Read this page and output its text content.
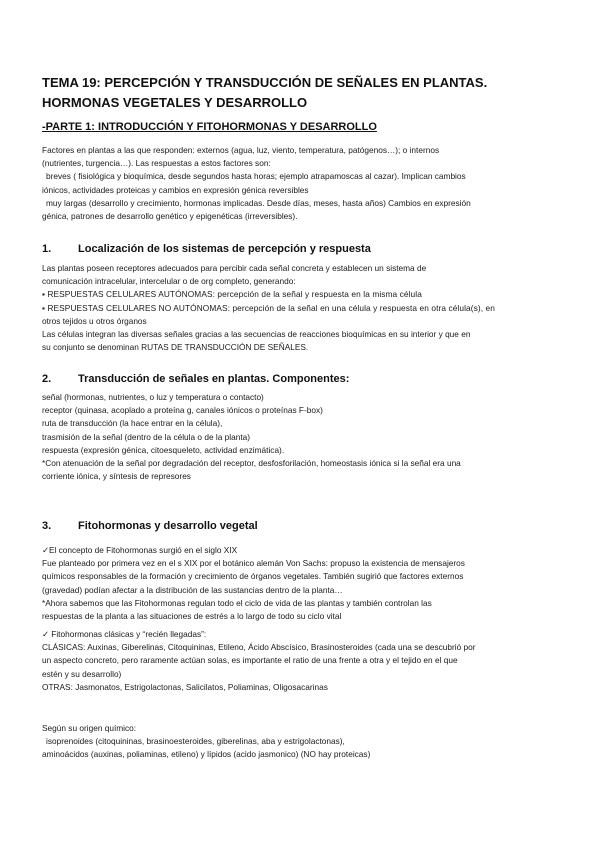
TEMA 19: PERCEPCIÓN Y TRANSDUCCIÓN DE SEÑALES EN PLANTAS. HORMONAS VEGETALES Y DESARROLLO
-PARTE 1: INTRODUCCIÓN Y FITOHORMONAS Y DESARROLLO

Factores en plantas a las que responden: externos (agua, luz, viento, temperatura, patógenos…); o internos

(nutrientes, turgencia…). Las respuestas a estos factores son:

breves ( fisiológica y bioquímica, desde segundos hasta horas; ejemplo atrapamoscas al cazar). Implican cambios

iónicos, actividades proteicas y cambios en expresión génica reversibles

muy largas (desarrollo y crecimiento, hormonas implicadas. Desde días, meses, hasta años) Cambios en expresión

génica, patrones de desarrollo genético y epigenéticas (irreversibles).

1. Localización de los sistemas de percepción y respuesta

Las plantas poseen receptores adecuados para percibir cada señal concreta y establecen un sistema de

comunicación intracelular, intercelular o de org completo, generando:

▪ RESPUESTAS CELULARES AUTÓNOMAS: percepción de la señal y respuesta en la misma célula

▪ RESPUESTAS CELULARES NO AUTÓNOMAS: percepción de la señal en una célula y respuesta en otra célula(s), en

otros tejidos u otros órganos

Las células integran las diversas señales gracias a las secuencias de reacciones bioquímicas en su interior y que en

su conjunto se denominan RUTAS DE TRANSDUCCIÓN DE SEÑALES.

2. Transducción de señales en plantas. Componentes:

señal (hormonas, nutrientes, o luz y temperatura o contacto)

receptor (quinasa, acoplado a proteína g, canales iónicos o proteínas F-box)

ruta de transducción (la hace entrar en la célula),

trasmisión de la señal (dentro de la célula o de la planta)

respuesta (expresión génica, citoesqueleto, actividad enzimática).

*Con atenuación de la señal por degradación del receptor, desfosforilación, homeostasis iónica si la señal era una

corriente iónica, y síntesis de represores

3. Fitohormonas y desarrollo vegetal

✓El concepto de Fitohormonas surgió en el siglo XIX

Fue planteado por primera vez en el s XIX por el botánico alemán Von Sachs: propuso la existencia de mensajeros

químicos responsables de la formación y crecimiento de órganos vegetales. También sugirió que factores externos

(gravedad) podían afectar a la distribución de las sustancias dentro de la planta…

*Ahora sabemos que las Fitohormonas regulan todo el ciclo de vida de las plantas y también controlan las

respuestas de la planta a las situaciones de estrés a lo largo de todo su ciclo vital

✓ Fitohormonas clásicas y “recién llegadas”:

CLÁSICAS: Auxinas, Giberelinas, Citoquininas, Etileno, Ácido Abscísico, Brasinosteroides (cada una se descubrió por

un aspecto concreto, pero raramente actúan solas, es importante el ratio de una frente a otra y el tejido en el que

estén y su desarrollo)

OTRAS: Jasmonatos, Estrigolactonas, Salicilatos, Poliaminas, Oligosacarinas

Según su origen químico:

isoprenoides (citoquininas, brasinoesteroides, giberelinas, aba y estrigolactonas),

aminoácidos (auxinas, poliaminas, etileno) y lípidos (acido jasmonico) (NO hay proteicas)
